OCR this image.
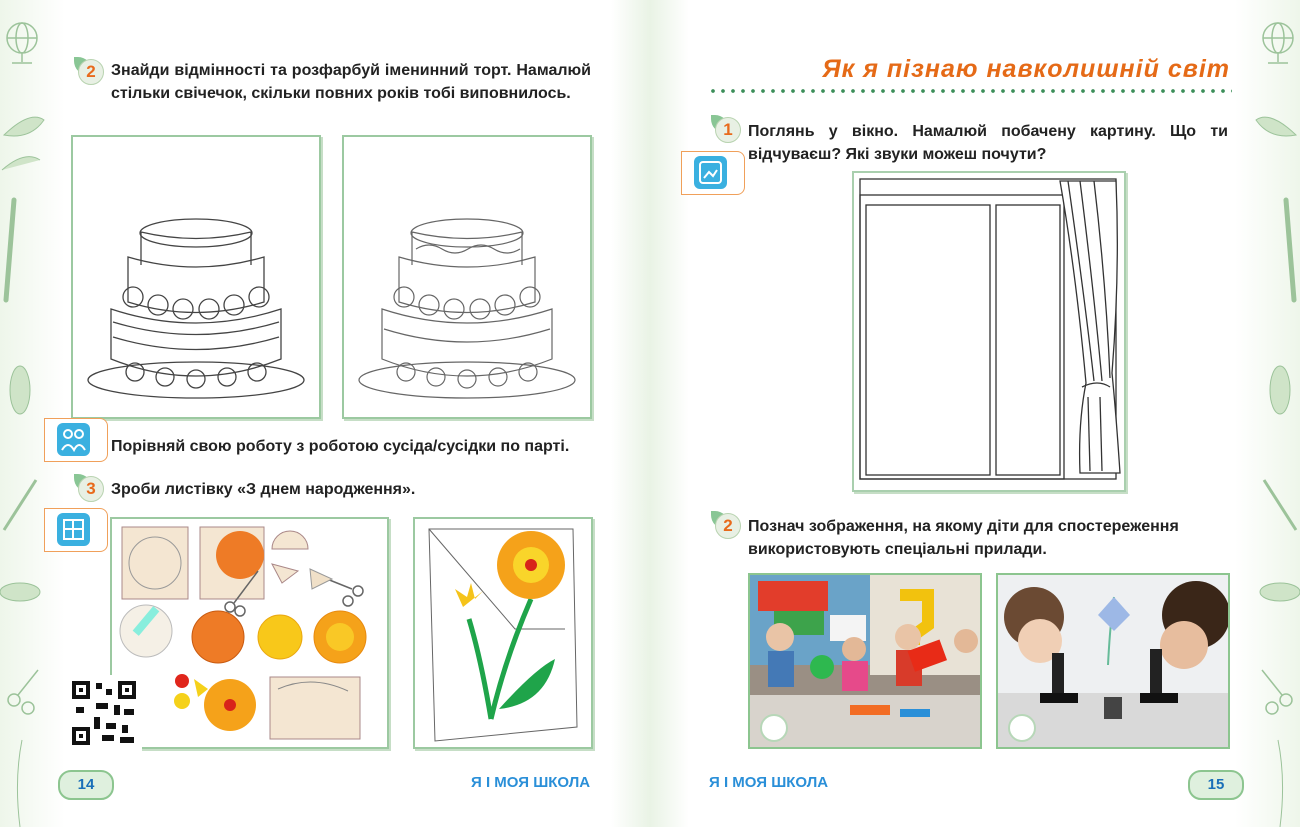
2 Знайди відмінності та розфарбуй іменинний торт. Намалюй стільки свічечок, скільки повних років тобі виповнилось.
Порівняй свою роботу з роботою сусіда/сусідки по парті.
3 Зроби листівку «З днем народження».
14	Я І МОЯ ШКОЛА
Як я пізнаю навколишній світ
1 Поглянь у вікно. Намалюй побачену картину. Що ти відчуваєш? Які звуки можеш почути?
2 Познач зображення, на якому діти для спостереження використовують спеціальні прилади.
Я І МОЯ ШКОЛА	15
